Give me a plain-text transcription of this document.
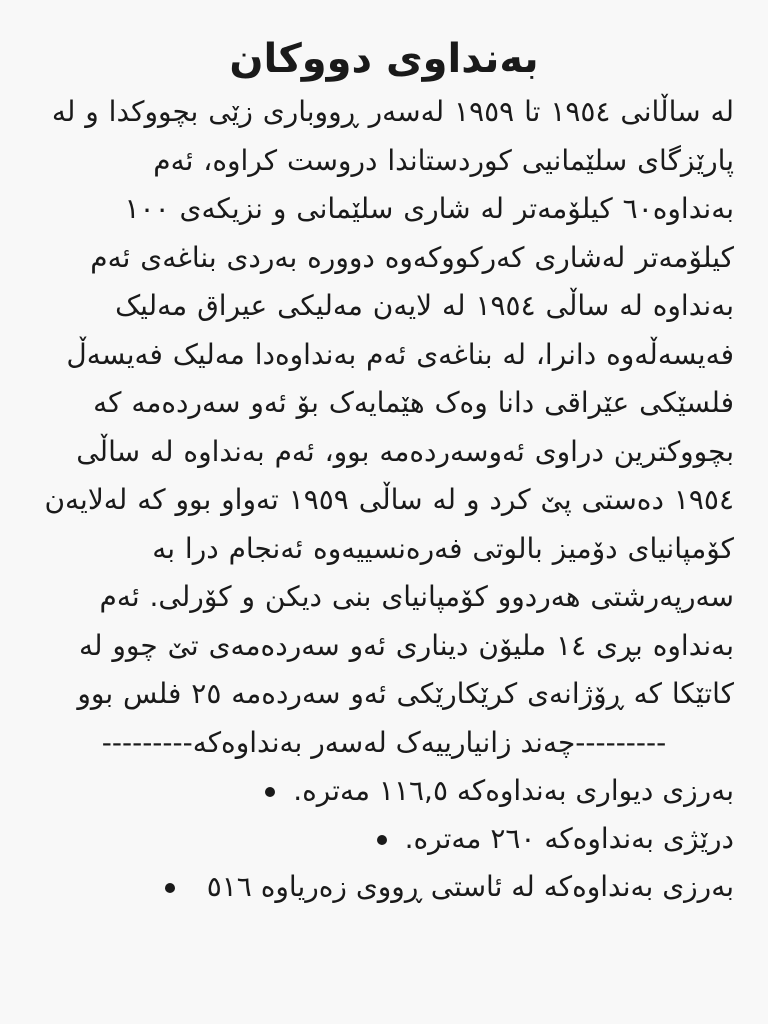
بەنداوی دووکان

لە ساڵانی ١٩٥٤ تا ١٩٥٩ لەسەر ڕووباری زێی بچووکدا و لە پارێزگای سلێمانیی کوردستاندا دروست کراوە، ئەم بەنداوە٦٠ کیلۆمەتر لە شاری سلێمانی و نزیکەی ١٠٠ کیلۆمەتر لەشاری کەرکووکەوە دوورە بەردی بناغەی ئەم بەنداوە لە ساڵی ١٩٥٤ لە لایەن مەلیکی عیراق مەلیک فەیسەڵەوە دانرا، لە بناغەی ئەم بەنداوەدا مەلیک فەیسەڵ فلسێکی عێراقی دانا وەک هێمایەک بۆ ئەو سەردەمە کە بچووکترین دراوی ئەوسەردەمە بوو، ئەم بەنداوە لە ساڵی ١٩٥٤ دەستی پێ کرد و لە ساڵی ١٩٥٩ تەواو بوو کە لەلایەن کۆمپانیای دۆمیز بالوتی فەرەنسییەوە ئەنجام درا بە سەرپەرشتی هەردوو کۆمپانیای بنی دیکن و کۆرلی. ئەم بەنداوە بڕی ١٤ ملیۆن دیناری ئەو سەردەمەی تێ چوو لە کاتێکا کە ڕۆژانەی کرێکارێکی ئەو سەردەمە ٢٥ فلس بوو

---------چەند زانیارییەک لەسەر بەنداوەکە---------
بەرزی دیواری بەنداوەکە ١١٦,٥ مەترە.
درێژی بەنداوەکە ٢٦٠ مەترە.
بەرزی بەنداوەکە لە ئاستی ڕووی زەریاوە ٥١٦
